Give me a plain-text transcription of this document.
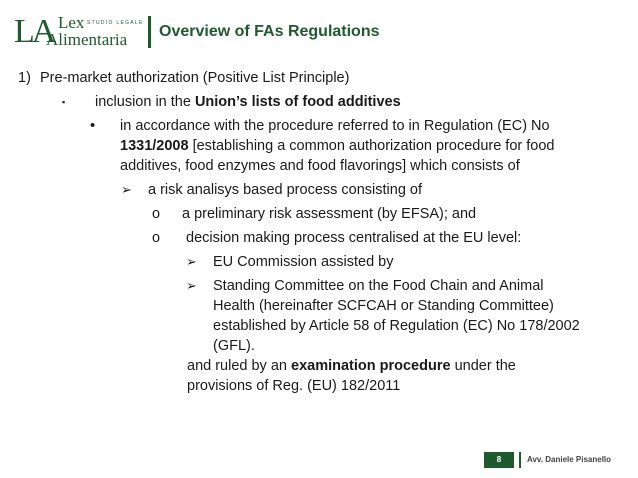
LA Lex STUDIO LEGALE
Alimentaria Overview of FAs Regulations
1) Pre-market authorization (Positive List Principle)
▪ inclusion in the Union’s lists of food additives
• in accordance with the procedure referred to in Regulation (EC) No
1331/2008 [establishing a common authorization procedure for food
additives, food enzymes and food flavorings] which consists of
➢ a risk analisys based process consisting of
o a preliminary risk assessment (by EFSA); and
o decision making process centralised at the EU level:
➢ EU Commission assisted by
➢ Standing Committee on the Food Chain and Animal
Health (hereinafter SCFCAH or Standing Committee)
established by Article 58 of Regulation (EC) No 178/2002
(GFL).
and ruled by an examination procedure under the
provisions of Reg. (EU) 182/2011
8	Avv. Daniele Pisanello
